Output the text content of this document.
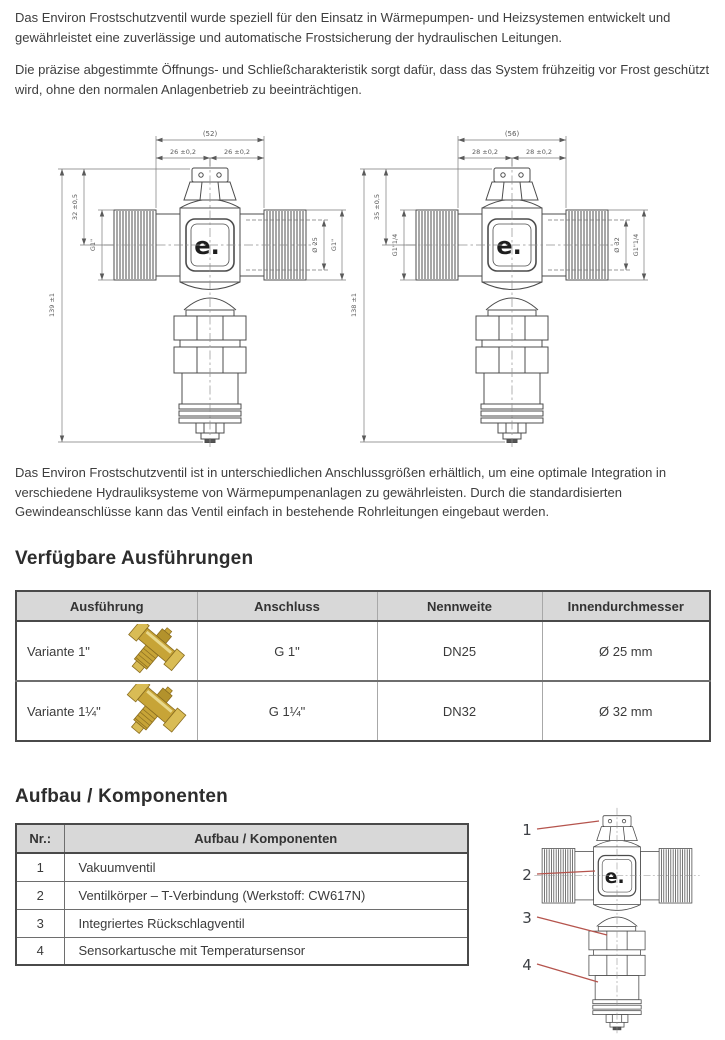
Das Environ Frostschutzventil wurde speziell für den Einsatz in Wärmepumpen- und Heizsystemen entwickelt und gewährleistet eine zuverlässige und automatische Frostsicherung der hydraulischen Leitungen.
Die präzise abgestimmte Öffnungs- und Schließcharakteristik sorgt dafür, dass das System frühzeitig vor Frost geschützt wird, ohne den normalen Anlagenbetrieb zu beeinträchtigen.
(52)
26 ±0,2	26 ±0,2
139 ±1
32 ±0,5
G1"	Ø 25 G1"
(56)
28 ±0,2	28 ±0,2
138 ±1
35 ±0,5
G1"1/4	Ø 32 G1"1/4
Das Environ Frostschutzventil ist in unterschiedlichen Anschlussgrößen erhältlich, um eine optimale Integration in verschiedene Hydrauliksysteme von Wärmepumpenanlagen zu gewährleisten. Durch die standardisierten Gewindeanschlüsse kann das Ventil einfach in bestehende Rohrleitungen eingebaut werden.
Verfügbare Ausführungen
Ausführung	Anschluss	Nennweite	Innendurchmesser

Variante 1"	G 1"	DN25	Ø 25 mm

Variante 1¼"	G 1¼"	DN32	Ø 32 mm
Aufbau / Komponenten
Nr.:	Aufbau / Komponenten
1	Vakuumventil
2	Ventilkörper – T-Verbindung (Werkstoff: CW617N)
3	Integriertes Rückschlagventil
4	Sensorkartusche mit Temperatursensor
1
2
3
4
